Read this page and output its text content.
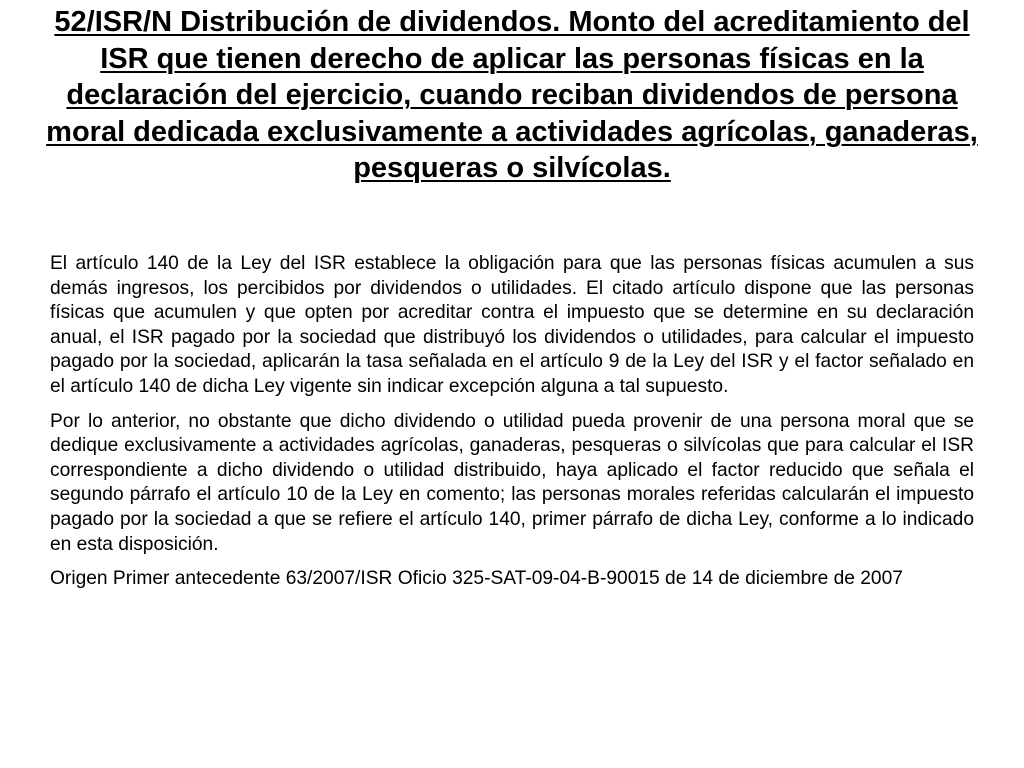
52/ISR/N Distribución de dividendos. Monto del acreditamiento del ISR que tienen derecho de aplicar las personas físicas en la declaración del ejercicio, cuando reciban dividendos de persona moral dedicada exclusivamente a actividades agrícolas, ganaderas, pesqueras o silvícolas.

El artículo 140 de la Ley del ISR establece la obligación para que las personas físicas acumulen a sus demás ingresos, los percibidos por dividendos o utilidades. El citado artículo dispone que las personas físicas que acumulen y que opten por acreditar contra el impuesto que se determine en su declaración anual, el ISR pagado por la sociedad que distribuyó los dividendos o utilidades, para calcular el impuesto pagado por la sociedad, aplicarán la tasa señalada en el artículo 9 de la Ley del ISR y el factor señalado en el artículo 140 de dicha Ley vigente sin indicar excepción alguna a tal supuesto.

Por lo anterior, no obstante que dicho dividendo o utilidad pueda provenir de una persona moral que se dedique exclusivamente a actividades agrícolas, ganaderas, pesqueras o silvícolas que para calcular el ISR correspondiente a dicho dividendo o utilidad distribuido, haya aplicado el factor reducido que señala el segundo párrafo el artículo 10 de la Ley en comento; las personas morales referidas calcularán el impuesto pagado por la sociedad a que se refiere el artículo 140, primer párrafo de dicha Ley, conforme a lo indicado en esta disposición.

Origen Primer antecedente 63/2007/ISR Oficio 325-SAT-09-04-B-90015 de 14 de diciembre de 2007
